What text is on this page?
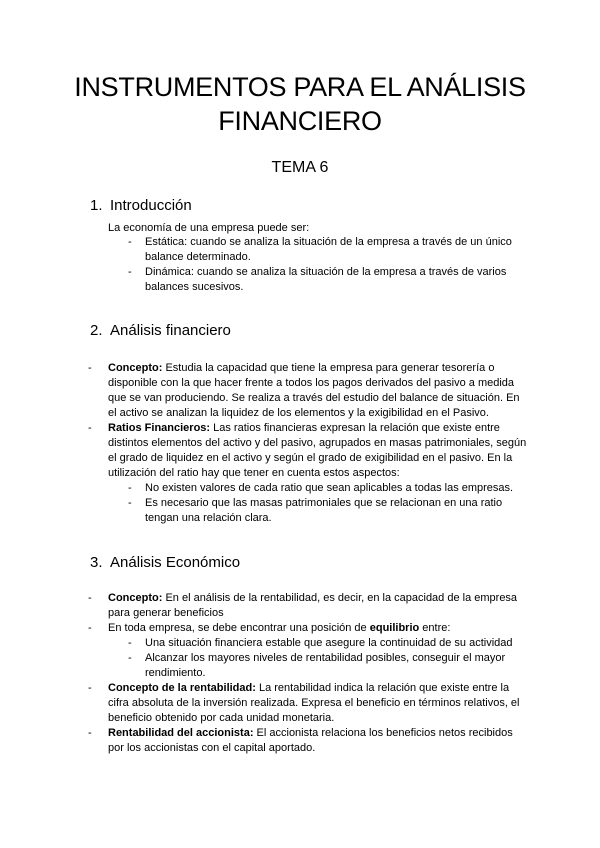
INSTRUMENTOS PARA EL ANÁLISIS
FINANCIERO
TEMA 6
1. Introducción
La economía de una empresa puede ser:
- Estática: cuando se analiza la situación de la empresa a través de un único balance determinado.
- Dinámica: cuando se analiza la situación de la empresa a través de varios balances sucesivos.
2. Análisis financiero
- Concepto: Estudia la capacidad que tiene la empresa para generar tesorería o disponible con la que hacer frente a todos los pagos derivados del pasivo a medida que se van produciendo. Se realiza a través del estudio del balance de situación. En el activo se analizan la liquidez de los elementos y la exigibilidad en el Pasivo.
- Ratios Financieros: Las ratios financieras expresan la relación que existe entre distintos elementos del activo y del pasivo, agrupados en masas patrimoniales, según el grado de liquidez en el activo y según el grado de exigibilidad en el pasivo. En la utilización del ratio hay que tener en cuenta estos aspectos:
- No existen valores de cada ratio que sean aplicables a todas las empresas.
- Es necesario que las masas patrimoniales que se relacionan en una ratio tengan una relación clara.
3. Análisis Económico
- Concepto: En el análisis de la rentabilidad, es decir, en la capacidad de la empresa para generar beneficios
- En toda empresa, se debe encontrar una posición de equilibrio entre:
- Una situación financiera estable que asegure la continuidad de su actividad
- Alcanzar los mayores niveles de rentabilidad posibles, conseguir el mayor rendimiento.
- Concepto de la rentabilidad: La rentabilidad indica la relación que existe entre la cifra absoluta de la inversión realizada. Expresa el beneficio en términos relativos, el beneficio obtenido por cada unidad monetaria.
- Rentabilidad del accionista: El accionista relaciona los beneficios netos recibidos por los accionistas con el capital aportado.
